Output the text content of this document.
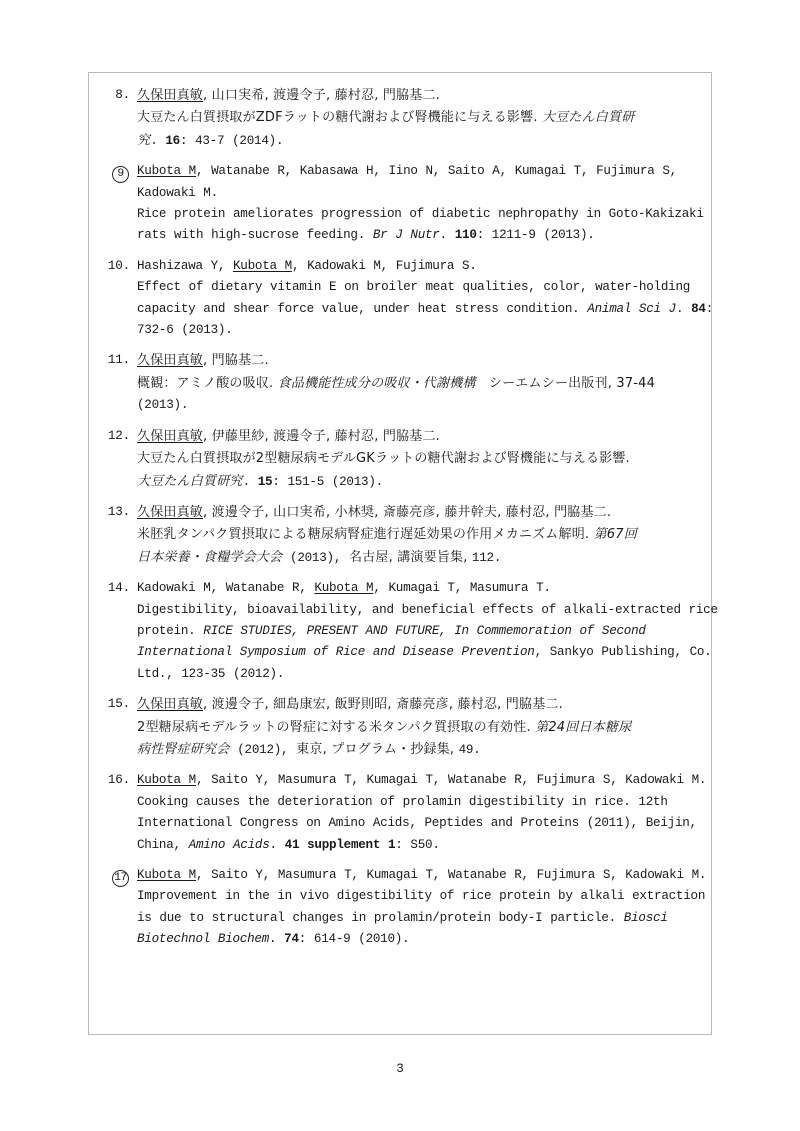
8. 久保田真敏, 山口実希, 渡邊令子, 藤村忍, 門脇基二.
大豆たん白質摂取がZDFラットの糖代謝および腎機能に与える影響. 大豆たん白質研
究. 16: 43-7 (2014).
9	Kubota M, Watanabe R, Kabasawa H, Iino N, Saito A, Kumagai T, Fujimura S,
Kadowaki M.
Rice protein ameliorates progression of diabetic nephropathy in Goto-Kakizaki
rats with high-sucrose feeding. Br J Nutr. 110: 1211-9 (2013).
10. Hashizawa Y, Kubota M, Kadowaki M, Fujimura S.
Effect of dietary vitamin E on broiler meat qualities, color, water-holding
capacity and shear force value, under heat stress condition. Animal Sci J. 84:
732-6 (2013).
11. 久保田真敏, 門脇基二.
概観：アミノ酸の吸収. 食品機能性成分の吸収・代謝機構　シーエムシー出版刊, 37-44
(2013).
12. 久保田真敏, 伊藤里紗, 渡邊令子, 藤村忍, 門脇基二.
大豆たん白質摂取が2型糖尿病モデルGKラットの糖代謝および腎機能に与える影響.
大豆たん白質研究. 15: 151-5 (2013).
13. 久保田真敏, 渡邊令子, 山口実希, 小林奨, 斎藤亮彦, 藤井幹夫, 藤村忍, 門脇基二.
米胚乳タンパク質摂取による糖尿病腎症進行遅延効果の作用メカニズム解明. 第67回
日本栄養・食糧学会大会 (2013), 名古屋, 講演要旨集, 112.
14. Kadowaki M, Watanabe R, Kubota M, Kumagai T, Masumura T.
Digestibility, bioavailability, and beneficial effects of alkali-extracted rice
protein. RICE STUDIES, PRESENT AND FUTURE, In Commemoration of Second
International Symposium of Rice and Disease Prevention, Sankyo Publishing, Co.
Ltd., 123-35 (2012).
15. 久保田真敏, 渡邊令子, 細島康宏, 飯野則昭, 斎藤亮彦, 藤村忍, 門脇基二.
2型糖尿病モデルラットの腎症に対する米タンパク質摂取の有効性. 第24回日本糖尿
病性腎症研究会 (2012), 東京, プログラム・抄録集, 49.
16. Kubota M, Saito Y, Masumura T, Kumagai T, Watanabe R, Fujimura S, Kadowaki M.
Cooking causes the deterioration of prolamin digestibility in rice. 12th
International Congress on Amino Acids, Peptides and Proteins (2011), Beijin,
China, Amino Acids. 41 supplement 1: S50.
17 Kubota M, Saito Y, Masumura T, Kumagai T, Watanabe R, Fujimura S, Kadowaki M.
Improvement in the in vivo digestibility of rice protein by alkali extraction
is due to structural changes in prolamin/protein body-I particle. Biosci
Biotechnol Biochem. 74: 614-9 (2010).
3
